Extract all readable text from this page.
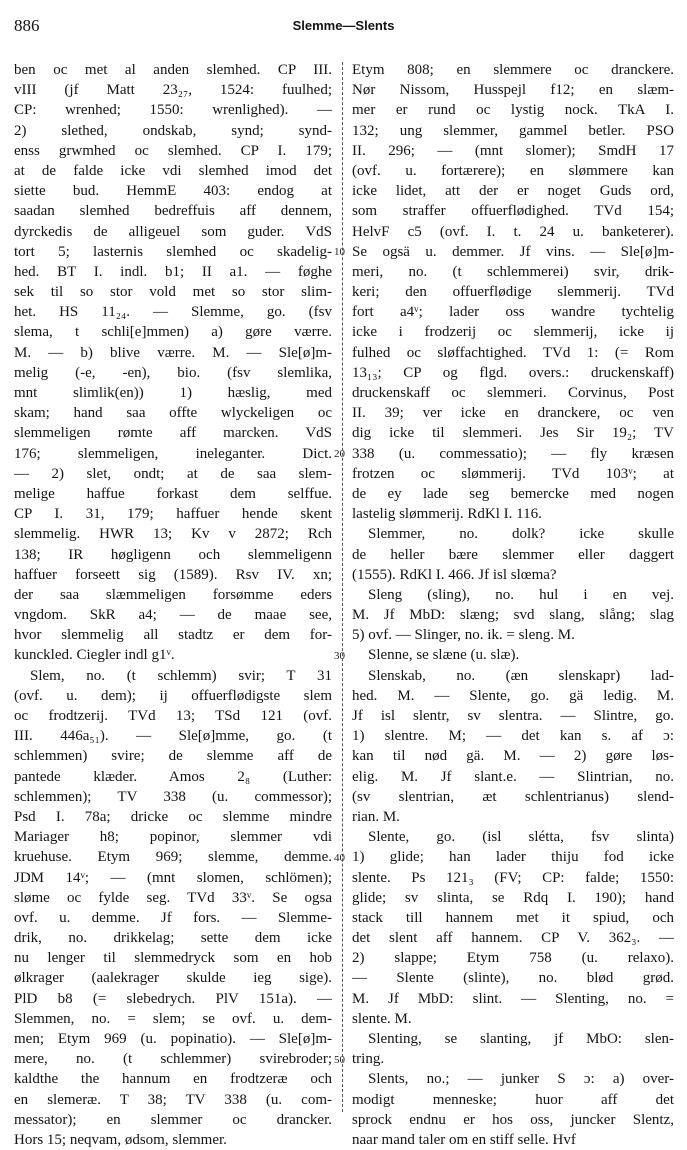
886	Slemme—Slents
ben oc met al anden slemhed. CP III.
vIII (jf Matt 23₂₇, 1524: fuulhed;
CP: wrenhed; 1550: wrenlighed). —
2) slethed, ondskab, synd; synd-
enss grwmhed oc slemhed. CP I. 179;
at de falde icke vdi slemhed imod det
siette bud. HemmE 403: endog at
saadan slemhed bedreffuis aff dennem,
dyrckedis de alligeuel som guder. VdS
tort 5; lasternis slemhed oc skadelig-
hed. BT I. indl. b1; II a1. — føghe
sek til so stor vold met so stor slim-
het. HS 11₂₄. — Slemme, go. (fsv
slema, t schli[e]mmen) a) gøre værre.
M. — b) blive værre. M. — Sle[ø]m-
melig (-e, -en), bio. (fsv slemlika,
mnt slimlik(en)) 1) hæslig, med
skam; hand saa offte wlyckeligen oc
slemmeligen rømte aff marcken. VdS
176; slemmeligen, ineleganter. Dict.
— 2) slet, ondt; at de saa slem-
melige haffue forkast dem selffue.
CP I. 31, 179; haffuer hende skent
slemmelig. HWR 13; Kv v 2872; Rch
138; IR høgligenn och slemmeligenn
haffuer forseett sig (1589). Rsv IV. xn;
der saa slæmmeligen forsømme eders
vngdom. SkR a4; — de maae see,
hvor slemmelig all stadtz er dem for-
kunckled. Ciegler indl g1ᵛ.
Slem, no. (t schlemm) svir; T 31
(ovf. u. dem); ij offuerflødigste slem
oc frodtzerij. TVd 13; TSd 121 (ovf.
III. 446a₅₁). — Sle[ø]mme, go. (t
schlemmen) svire; de slemme aff de
pantede klæder. Amos 2₈ (Luther:
schlemmen); TV 338 (u. commessor);
Psd I. 78a; dricke oc slemme mindre
Mariager h8; popinor, slemmer vdi
kruehuse. Etym 969; slemme, demme.
JDM 14ᵛ; — (mnt slomen, schlömen);
sløme oc fylde seg. TVd 33ᵛ. Se ogsa
ovf. u. demme. Jf fors. — Slemme-
drik, no. drikkelag; sette dem icke
nu lenger til slemmedryck som en hob
ølkrager (aalekrager skulde ieg sige).
PlD b8 (= slebedrych. PlV 151a). —
Slemmen, no. = slem; se ovf. u. dem-
men; Etym 969 (u. popinatio). — Sle[ø]m-
mere, no. (t schlemmer) svirebroder;
kaldthe the hannum en frodtzeræ och
en slemeræ. T 38; TV 338 (u. com-
messator); en slemmer oc drancker.
Hors 15; neqvam, ødsom, slemmer.
10
20
30
40
50
Etym 808; en slemmere oc dranckere.
Nør Nissom, Husspejl f12; en slæm-
mer er rund oc lystig nock. TkA I.
132; ung slemmer, gammel betler. PSO
II. 296; — (mnt slomer); SmdH 17
(ovf. u. fortærere); en slømmere kan
icke lidet, att der er noget Guds ord,
som straffer offuerflødighed. TVd 154;
HelvF c5 (ovf. I. t. 24 u. banketerer).
Se ogsä u. demmer. Jf vins. — Sle[ø]m-
meri, no. (t schlemmerei) svir, drik-
keri; den offuerflødige slemmerij. TVd
fort a4ᵛ; lader oss wandre tychtelig
icke i frodzerij oc slemmerij, icke ij
fulhed oc sløffachtighed. TVd 1: (= Rom
13₁₃; CP og flgd. overs.: druckenskaff)
druckenskaff oc slemmeri. Corvinus, Post
II. 39; ver icke en dranckere, oc ven
dig icke til slemmeri. Jes Sir 19₂; TV
338 (u. commessatio); — fly kræsen
frotzen oc slømmerij. TVd 103ᵛ; at
de ey lade seg bemercke med nogen
lastelig slømmerij. RdKl I. 116.
Slemmer, no. dolk? icke skulle
de heller bære slemmer eller daggert
(1555). RdKl I. 466. Jf isl slœma?
Sleng (sling), no. hul i en vej.
M. Jf MbD: slæng; svd slang, slång; slag
5) ovf. — Slinger, no. ik. = sleng. M.
Slenne, se slæne (u. slæ).
Slenskab, no. (æn slenskapr) lad-
hed. M. — Slente, go. gä ledig. M.
Jf isl slentr, sv slentra. — Slintre, go.
1) slentre. M; — det kan s. af ɔ:
kan til nød gä. M. — 2) gøre løs-
elig. M. Jf slant.e. — Slintrian, no.
(sv slentrian, æt schlentrianus) slend-
rian. M.
Slente, go. (isl slétta, fsv slinta)
1) glide; han lader thiju fod icke
slente. Ps 121₃ (FV; CP: falde; 1550:
glide; sv slinta, se Rdq I. 190); hand
stack till hannem met it spiud, och
det slent aff hannem. CP V. 362₃. —
2) slappe; Etym 758 (u. relaxo).
— Slente (slinte), no. blød grød.
M. Jf MbD: slint. — Slenting, no. =
slente. M.
Slenting, se slanting, jf MbO: slen-
tring.
Slents, no.; — junker S ɔ: a) over-
modigt menneske; huor aff det
sprock endnu er hos oss, juncker Slentz,
naar mand taler om en stiff selle. Hvf
